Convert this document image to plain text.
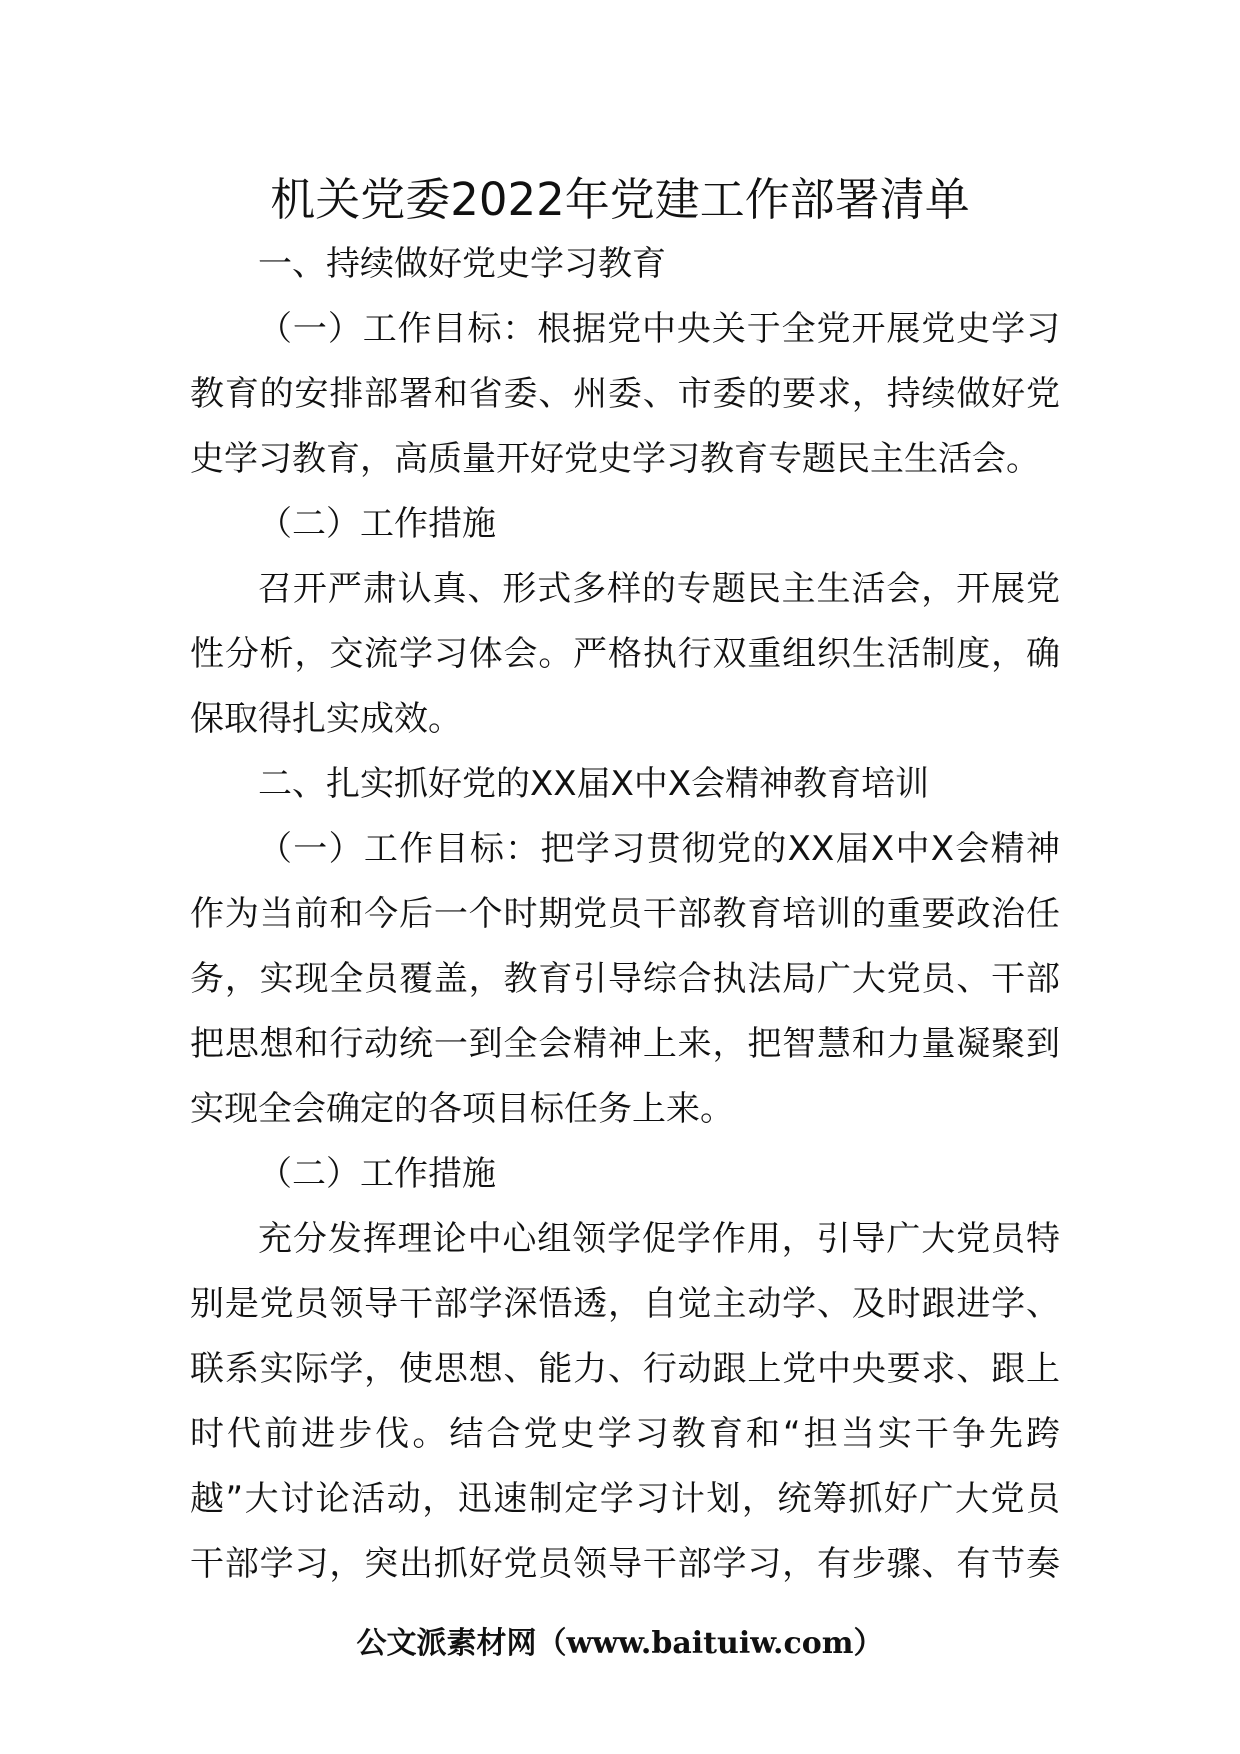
机关党委2022年党建工作部署清单
一、持续做好党史学习教育
（一）工作目标：根据党中央关于全党开展党史学习
教育的安排部署和省委、州委、市委的要求，持续做好党
史学习教育，高质量开好党史学习教育专题民主生活会。
（二）工作措施
召开严肃认真、形式多样的专题民主生活会，开展党
性分析，交流学习体会。严格执行双重组织生活制度，确
保取得扎实成效。
二、扎实抓好党的XX届X中X会精神教育培训
（一）工作目标：把学习贯彻党的XX届X中X会精神
作为当前和今后一个时期党员干部教育培训的重要政治任
务，实现全员覆盖，教育引导综合执法局广大党员、干部
把思想和行动统一到全会精神上来，把智慧和力量凝聚到
实现全会确定的各项目标任务上来。
（二）工作措施
充分发挥理论中心组领学促学作用，引导广大党员特
别是党员领导干部学深悟透，自觉主动学、及时跟进学、
联系实际学，使思想、能力、行动跟上党中央要求、跟上
时代前进步伐。结合党史学习教育和“担当实干争先跨
越”大讨论活动，迅速制定学习计划，统筹抓好广大党员
干部学习，突出抓好党员领导干部学习，有步骤、有节奏
公文派素材网（www.baituiw.com）
